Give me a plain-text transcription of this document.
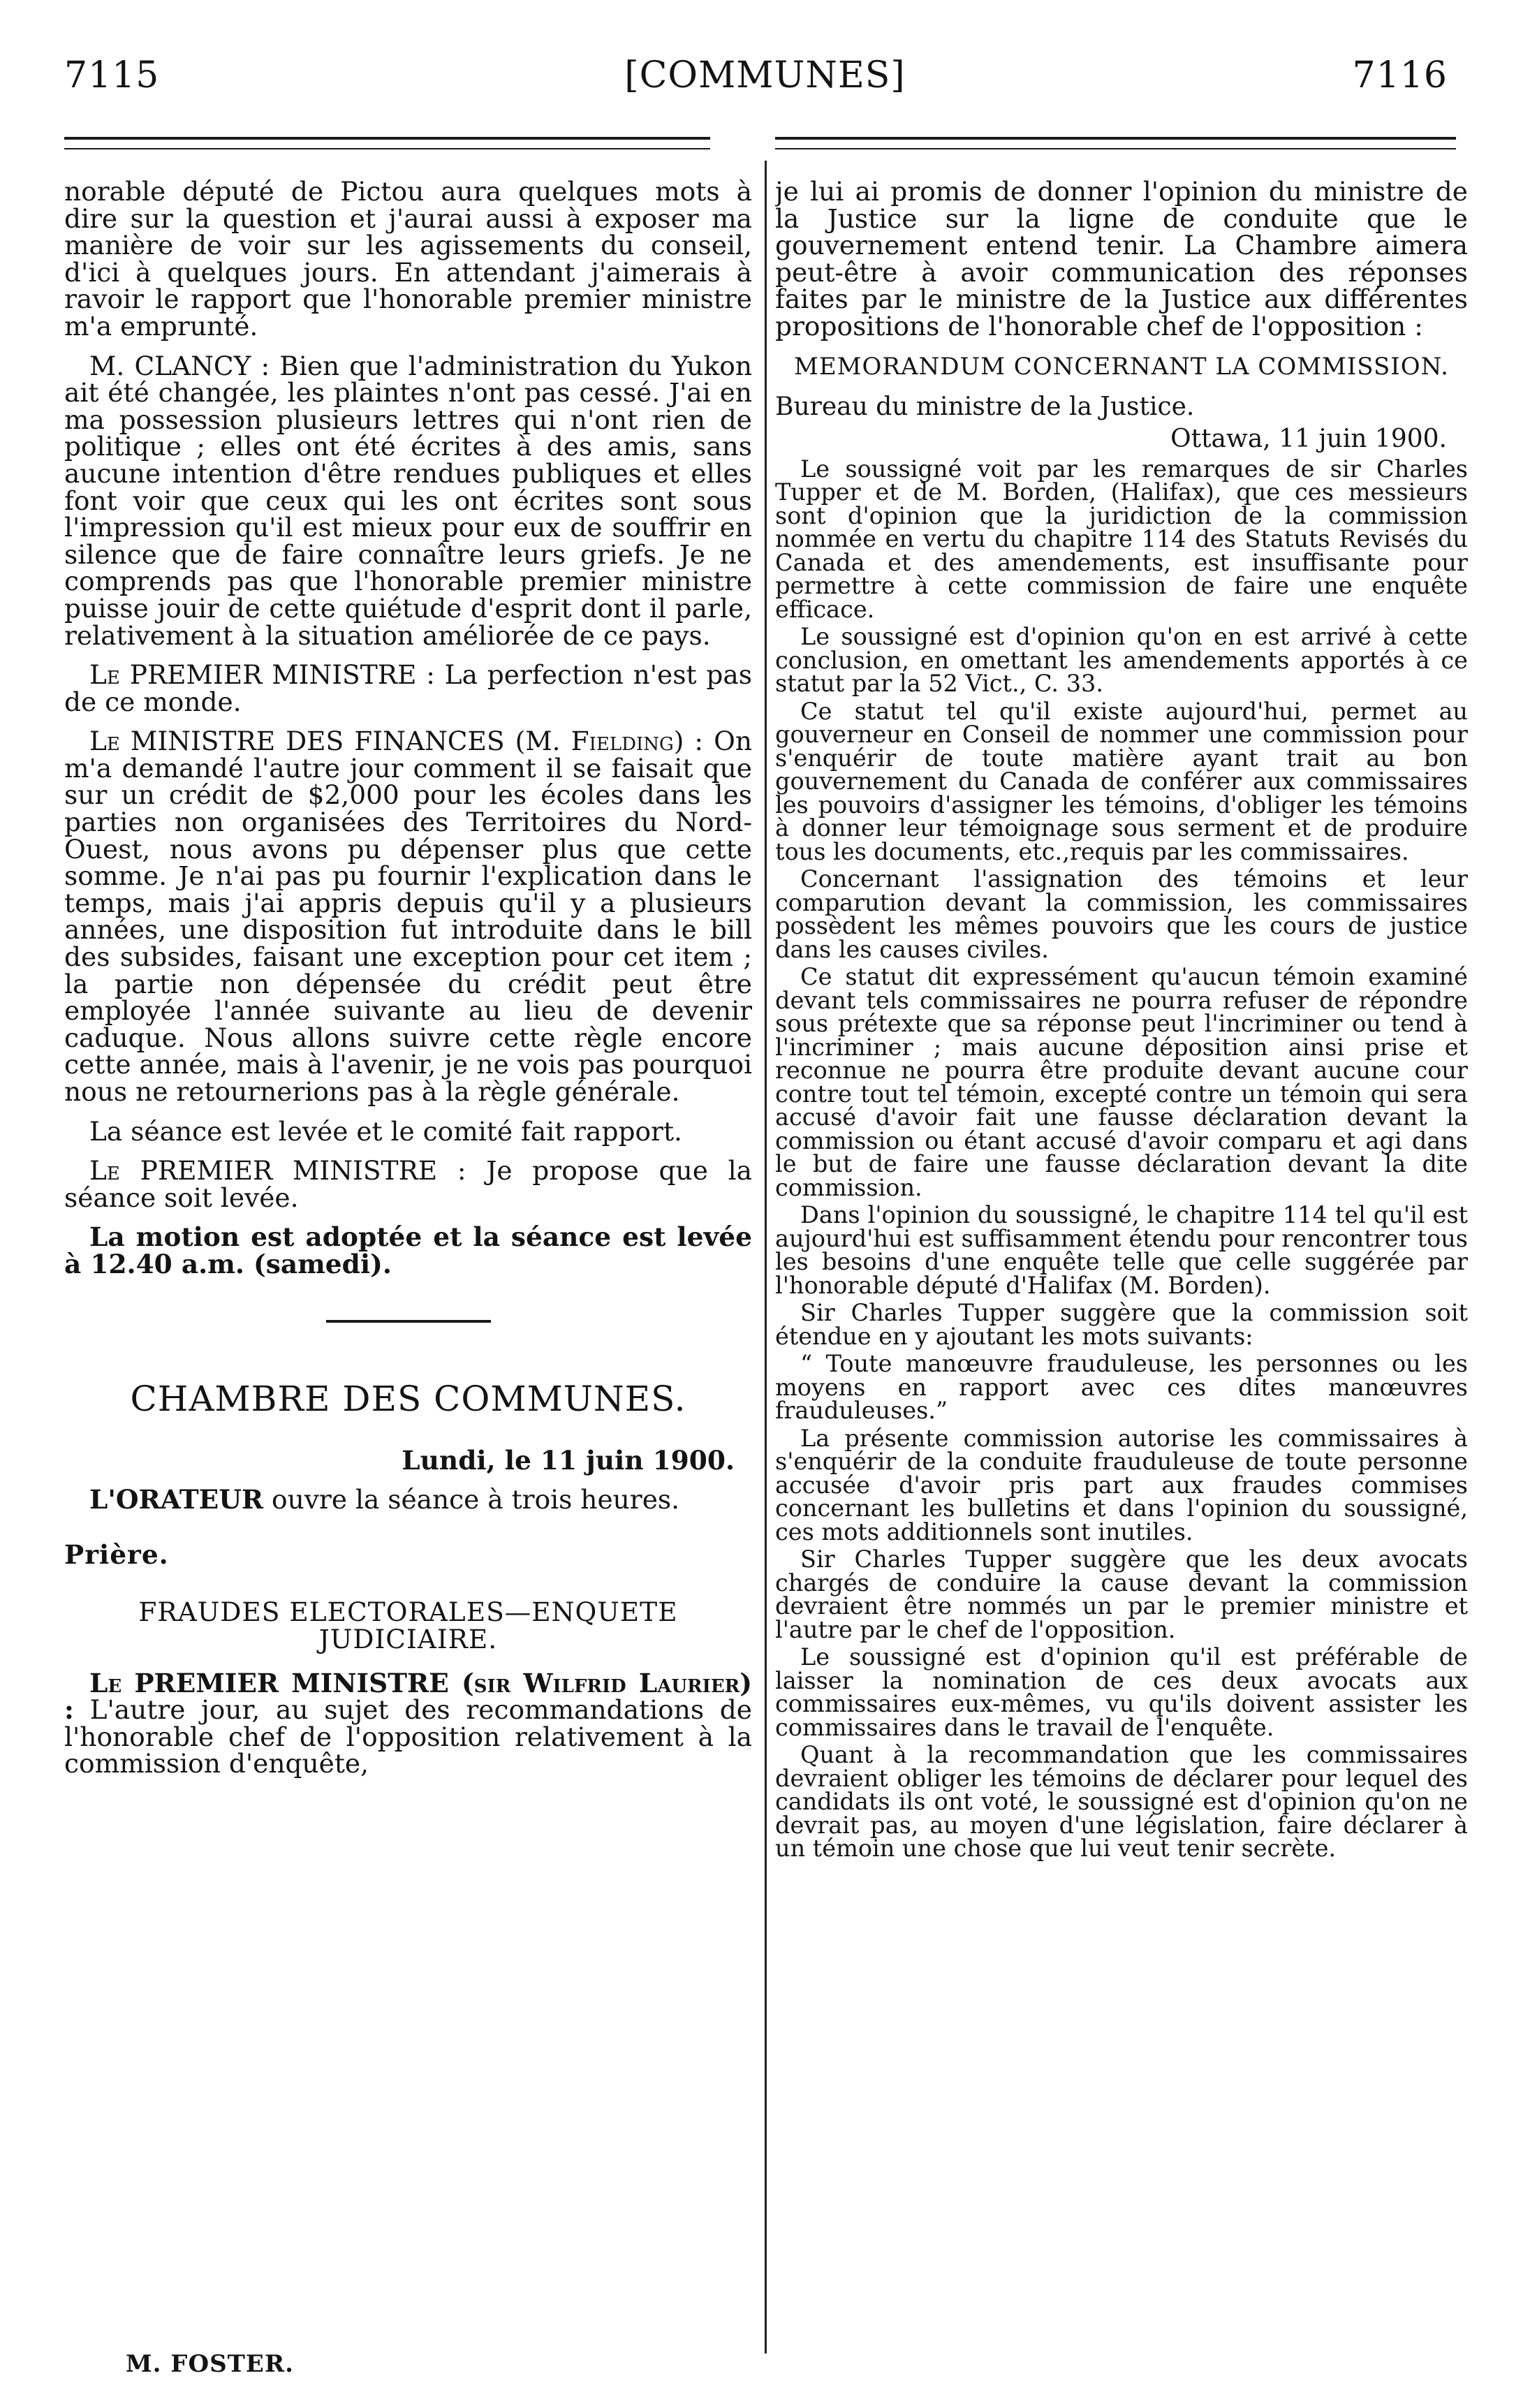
7115	[COMMUNES]	7116

norable député de Pictou aura quelques mots à dire sur la question et j'aurai aussi à exposer ma manière de voir sur les agissements du conseil, d'ici à quelques jours. En attendant j'aimerais à ravoir le rapport que l'honorable premier ministre m'a emprunté.

M. CLANCY : Bien que l'administration du Yukon ait été changée, les plaintes n'ont pas cessé. J'ai en ma possession plusieurs lettres qui n'ont rien de politique ; elles ont été écrites à des amis, sans aucune intention d'être rendues publiques et elles font voir que ceux qui les ont écrites sont sous l'impression qu'il est mieux pour eux de souffrir en silence que de faire connaître leurs griefs. Je ne comprends pas que l'honorable premier ministre puisse jouir de cette quiétude d'esprit dont il parle, relativement à la situation améliorée de ce pays.

Le PREMIER MINISTRE : La perfection n'est pas de ce monde.

Le MINISTRE DES FINANCES (M. Fielding) : On m'a demandé l'autre jour comment il se faisait que sur un crédit de $2,000 pour les écoles dans les parties non organisées des Territoires du Nord-Ouest, nous avons pu dépenser plus que cette somme. Je n'ai pas pu fournir l'explication dans le temps, mais j'ai appris depuis qu'il y a plusieurs années, une disposition fut introduite dans le bill des subsides, faisant une exception pour cet item ; la partie non dépensée du crédit peut être employée l'année suivante au lieu de devenir caduque. Nous allons suivre cette règle encore cette année, mais à l'avenir, je ne vois pas pourquoi nous ne retournerions pas à la règle générale.

La séance est levée et le comité fait rapport.

Le PREMIER MINISTRE : Je propose que la séance soit levée.

La motion est adoptée et la séance est levée à 12.40 a.m. (samedi).

CHAMBRE DES COMMUNES.

Lundi, le 11 juin 1900.

L'ORATEUR ouvre la séance à trois heures.

Prière.

FRAUDES ELECTORALES—ENQUETE JUDICIAIRE.

Le PREMIER MINISTRE (sir Wilfrid Laurier) : L'autre jour, au sujet des recommandations de l'honorable chef de l'opposition relativement à la commission d'enquête,

M. FOSTER.

je lui ai promis de donner l'opinion du ministre de la Justice sur la ligne de conduite que le gouvernement entend tenir. La Chambre aimera peut-être à avoir communication des réponses faites par le ministre de la Justice aux différentes propositions de l'honorable chef de l'opposition :

MEMORANDUM CONCERNANT LA COMMISSION.

Bureau du ministre de la Justice.

Ottawa, 11 juin 1900.

Le soussigné voit par les remarques de sir Charles Tupper et de M. Borden, (Halifax), que ces messieurs sont d'opinion que la juridiction de la commission nommée en vertu du chapitre 114 des Statuts Revisés du Canada et des amendements, est insuffisante pour permettre à cette commission de faire une enquête efficace.

Le soussigné est d'opinion qu'on en est arrivé à cette conclusion, en omettant les amendements apportés à ce statut par la 52 Vict., C. 33.

Ce statut tel qu'il existe aujourd'hui, permet au gouverneur en Conseil de nommer une commission pour s'enquérir de toute matière ayant trait au bon gouvernement du Canada de conférer aux commissaires les pouvoirs d'assigner les témoins, d'obliger les témoins à donner leur témoignage sous serment et de produire tous les documents, etc.,requis par les commissaires.

Concernant l'assignation des témoins et leur comparution devant la commission, les commissaires possèdent les mêmes pouvoirs que les cours de justice dans les causes civiles.

Ce statut dit expressément qu'aucun témoin examiné devant tels commissaires ne pourra refuser de répondre sous prétexte que sa réponse peut l'incriminer ou tend à l'incriminer ; mais aucune déposition ainsi prise et reconnue ne pourra être produite devant aucune cour contre tout tel témoin, excepté contre un témoin qui sera accusé d'avoir fait une fausse déclaration devant la commission ou étant accusé d'avoir comparu et agi dans le but de faire une fausse déclaration devant la dite commission.

Dans l'opinion du soussigné, le chapitre 114 tel qu'il est aujourd'hui est suffisamment étendu pour rencontrer tous les besoins d'une enquête telle que celle suggérée par l'honorable député d'Halifax (M. Borden).

Sir Charles Tupper suggère que la commission soit étendue en y ajoutant les mots suivants:

“ Toute manœuvre frauduleuse, les personnes ou les moyens en rapport avec ces dites manœuvres frauduleuses.”

La présente commission autorise les commissaires à s'enquérir de la conduite frauduleuse de toute personne accusée d'avoir pris part aux fraudes commises concernant les bulletins et dans l'opinion du soussigné, ces mots additionnels sont inutiles.

Sir Charles Tupper suggère que les deux avocats chargés de conduire la cause devant la commission devraient être nommés un par le premier ministre et l'autre par le chef de l'opposition.

Le soussigné est d'opinion qu'il est préférable de laisser la nomination de ces deux avocats aux commissaires eux-mêmes, vu qu'ils doivent assister les commissaires dans le travail de l'enquête.

Quant à la recommandation que les commissaires devraient obliger les témoins de déclarer pour lequel des candidats ils ont voté, le soussigné est d'opinion qu'on ne devrait pas, au moyen d'une législation, faire déclarer à un témoin une chose que lui veut tenir secrète.
